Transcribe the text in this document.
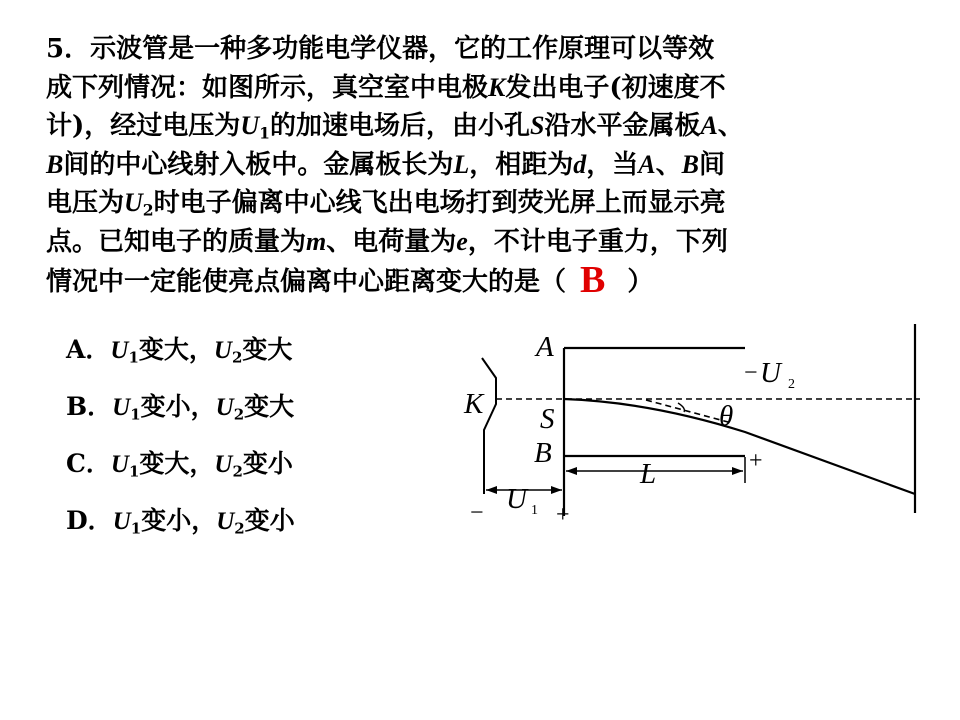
5．示波管是一种多功能电学仪器，它的工作原理可以等效
成下列情况：如图所示，真空室中电极K发出电子(初速度不
计)，经过电压为$U_1$的加速电场后，由小孔S沿水平金属板A、
B间的中心线射入板中。金属板长为L，相距为d，当A、B间
电压为$U_2$时电子偏离中心线飞出电场打到荧光屏上而显示亮
点。已知电子的质量为m、电荷量为e，不计电子重力，下列
情况中一定能使亮点偏离中心距离变大的是（ B ）
A．$U_1$变大，$U_2$变大
B．$U_1$变小，$U_2$变大
C．$U_1$变大，$U_2$变小
D．$U_1$变小，$U_2$变小
A
K S
B
L
− U 2
θ
U 1
−	+
+
